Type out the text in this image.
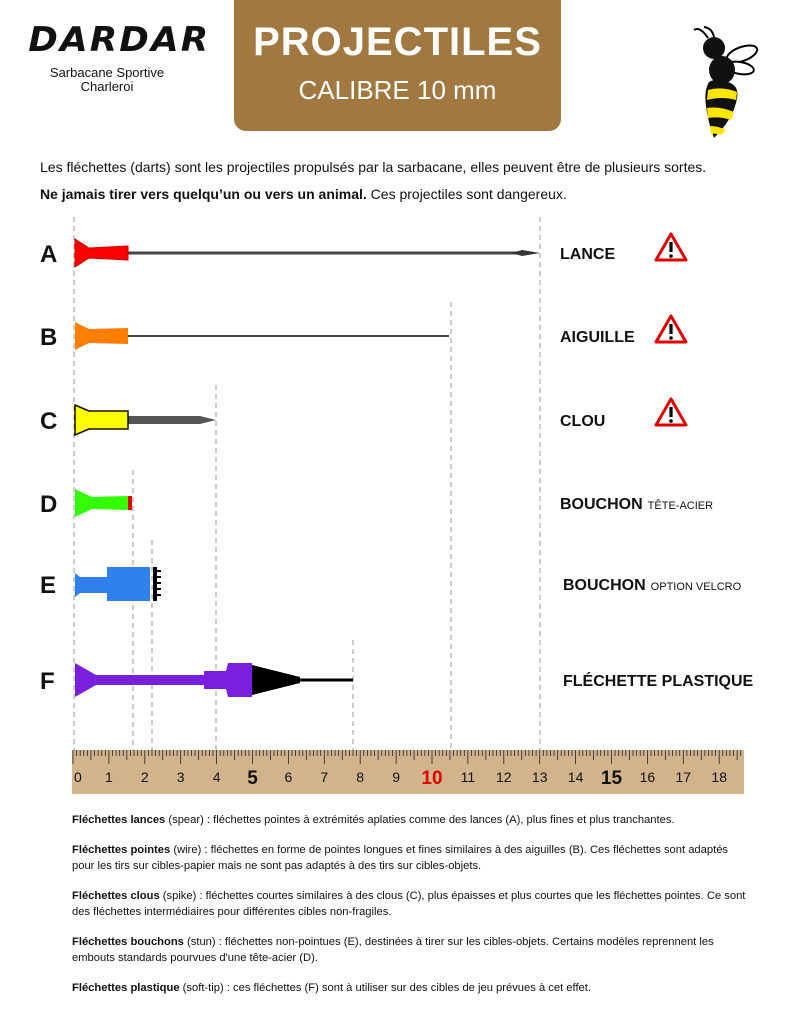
DARDAR
Sarbacane Sportive
Charleroi
PROJECTILES
CALIBRE 10 mm
Les fléchettes (darts) sont les projectiles propulsés par la sarbacane, elles peuvent être de plusieurs sortes.
Ne jamais tirer vers quelqu’un ou vers un animal. Ces projectiles sont dangereux.
A
B
C
D
E
F
LANCE
AIGUILLE
CLOU
BOUCHON TÊTE-ACIER
BOUCHON OPTION VELCRO
FLÉCHETTE PLASTIQUE
0 1 2 3 4 5 6 7 8 9 10 11 12 13 14 15 16 17 18
Fléchettes lances (spear) : fléchettes pointes à extrémités aplaties comme des lances (A), plus fines et plus tranchantes.
Fléchettes pointes (wire) : fléchettes en forme de pointes longues et fines similaires à des aiguilles (B). Ces fléchettes sont adaptés pour les tirs sur cibles-papier mais ne sont pas adaptés à des tirs sur cibles-objets.
Fléchettes clous (spike) : fléchettes courtes similaires à des clous (C), plus épaisses et plus courtes que les fléchettes pointes. Ce sont des fléchettes intermédiaires pour différentes cibles non-fragiles.
Fléchettes bouchons (stun) : fléchettes non-pointues (E), destinées à tirer sur les cibles-objets. Certains modèles reprennent les embouts standards pourvues d'une tête-acier (D).
Fléchettes plastique (soft-tip) : ces fléchettes (F) sont à utiliser sur des cibles de jeu prévues à cet effet.
